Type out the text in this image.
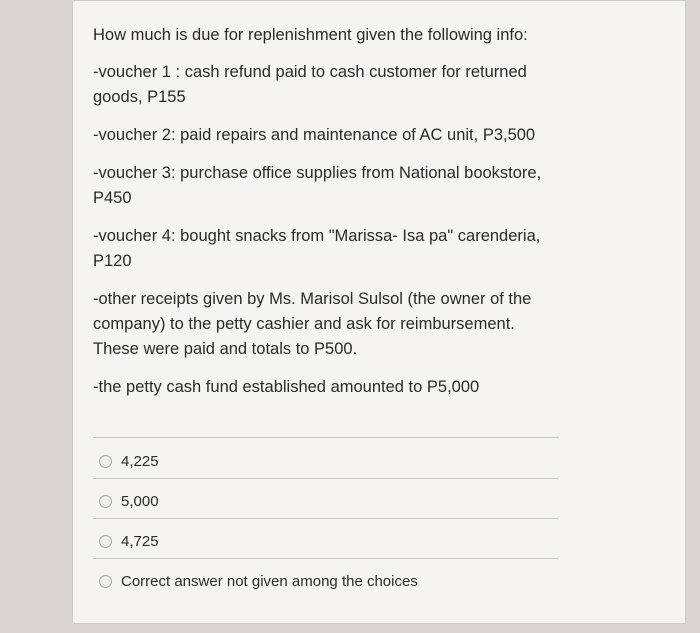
How much is due for replenishment given the following info:

-voucher 1 : cash refund paid to cash customer for returned goods, P155

-voucher 2: paid repairs and maintenance of AC unit, P3,500

-voucher 3: purchase office supplies from National bookstore, P450

-voucher 4: bought snacks from "Marissa- Isa pa" carenderia, P120

-other receipts given by Ms. Marisol Sulsol (the owner of the company) to the petty cashier and ask for reimbursement. These were paid and totals to P500.

-the petty cash fund established amounted to P5,000

4,225
5,000
4,725
Correct answer not given among the choices
